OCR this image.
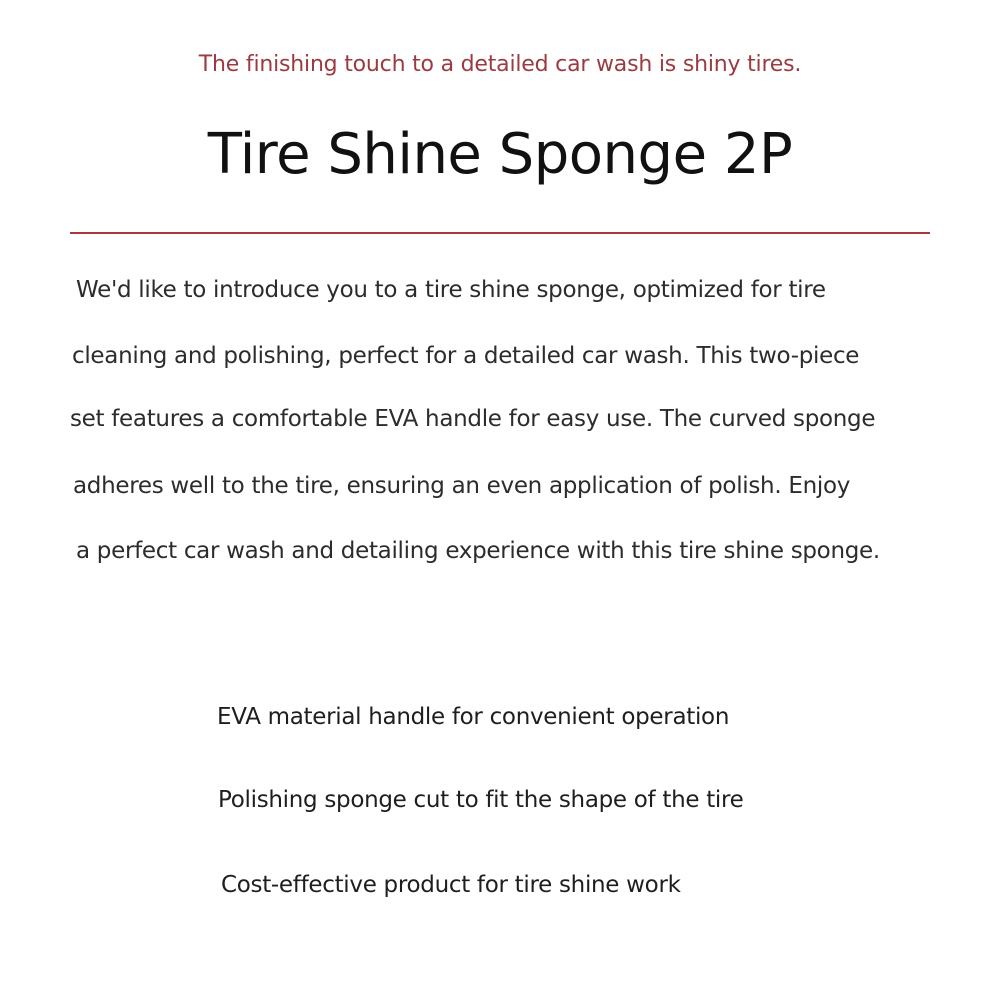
The finishing touch to a detailed car wash is shiny tires.
Tire Shine Sponge 2P
We'd like to introduce you to a tire shine sponge, optimized for tire
cleaning and polishing, perfect for a detailed car wash. This two-piece
set features a comfortable EVA handle for easy use. The curved sponge
adheres well to the tire, ensuring an even application of polish. Enjoy
a perfect car wash and detailing experience with this tire shine sponge.
EVA material handle for convenient operation
Polishing sponge cut to fit the shape of the tire
Cost-effective product for tire shine work
